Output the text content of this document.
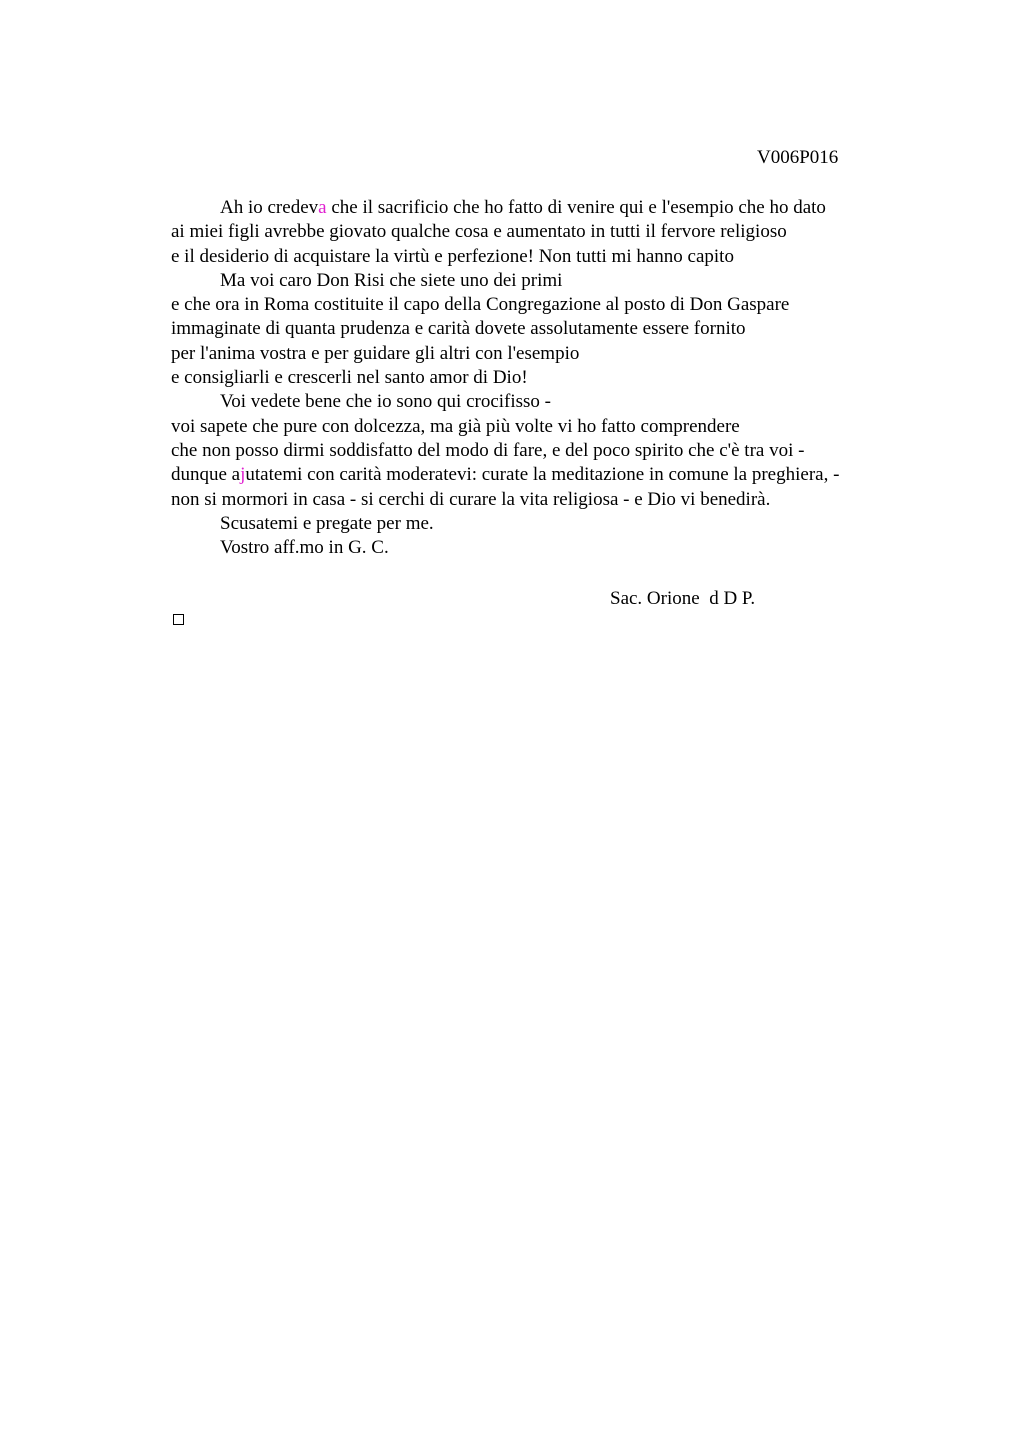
V006P016
Ah io credeva che il sacrificio che ho fatto di venire qui e l'esempio che ho dato
ai miei figli avrebbe giovato qualche cosa e aumentato in tutti il fervore religioso
e il desiderio di acquistare la virtù e perfezione! Non tutti mi hanno capito
Ma voi caro Don Risi che siete uno dei primi
e che ora in Roma costituite il capo della Congregazione al posto di Don Gaspare
immaginate di quanta prudenza e carità dovete assolutamente essere fornito
per l'anima vostra e per guidare gli altri con l'esempio
e consigliarli e crescerli nel santo amor di Dio!
Voi vedete bene che io sono qui crocifisso -
voi sapete che pure con dolcezza, ma già più volte vi ho fatto comprendere
che non posso dirmi soddisfatto del modo di fare, e del poco spirito che c'è tra voi -
dunque ajutatemi con carità moderatevi: curate la meditazione in comune la preghiera, -
non si mormori in casa - si cerchi di curare la vita religiosa - e Dio vi benedirà.
Scusatemi e pregate per me.
Vostro aff.mo in G. C.
Sac. Orione  d D P.
